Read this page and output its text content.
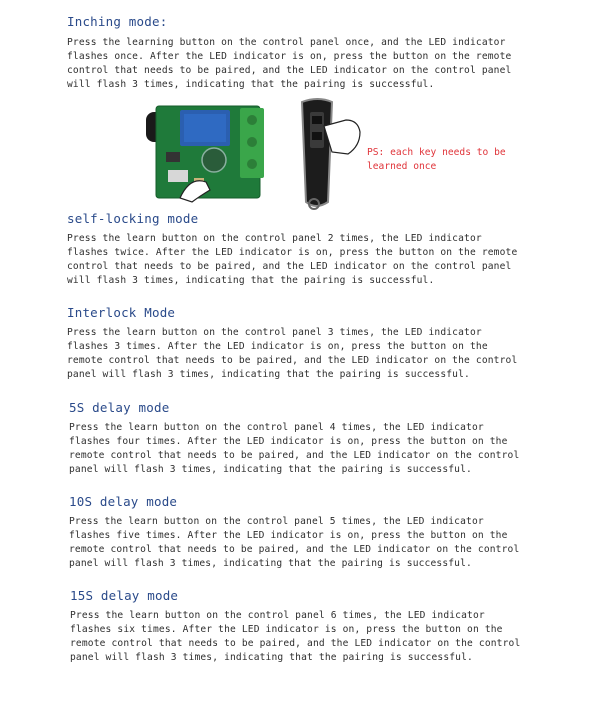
Inching mode:
Press the learning button on the control panel once, and the LED indicator
flashes once. After the LED indicator is on, press the button on the remote
control that needs to be paired, and the LED indicator on the control panel
will flash 3 times, indicating that the pairing is successful.
PS: each key needs to be
learned once
self-locking mode
Press the learn button on the control panel 2 times, the LED indicator
flashes twice. After the LED indicator is on, press the button on the remote
control that needs to be paired, and the LED indicator on the control panel
will flash 3 times, indicating that the pairing is successful.
Interlock Mode
Press the learn button on the control panel 3 times, the LED indicator
flashes 3 times. After the LED indicator is on, press the button on the
remote control that needs to be paired, and the LED indicator on the control
panel will flash 3 times, indicating that the pairing is successful.
5S delay mode
Press the learn button on the control panel 4 times, the LED indicator
flashes four times. After the LED indicator is on, press the button on the
remote control that needs to be paired, and the LED indicator on the control
panel will flash 3 times, indicating that the pairing is successful.
10S delay mode
Press the learn button on the control panel 5 times, the LED indicator
flashes five times. After the LED indicator is on, press the button on the
remote control that needs to be paired, and the LED indicator on the control
panel will flash 3 times, indicating that the pairing is successful.
15S delay mode
Press the learn button on the control panel 6 times, the LED indicator
flashes six times. After the LED indicator is on, press the button on the
remote control that needs to be paired, and the LED indicator on the control
panel will flash 3 times, indicating that the pairing is successful.
